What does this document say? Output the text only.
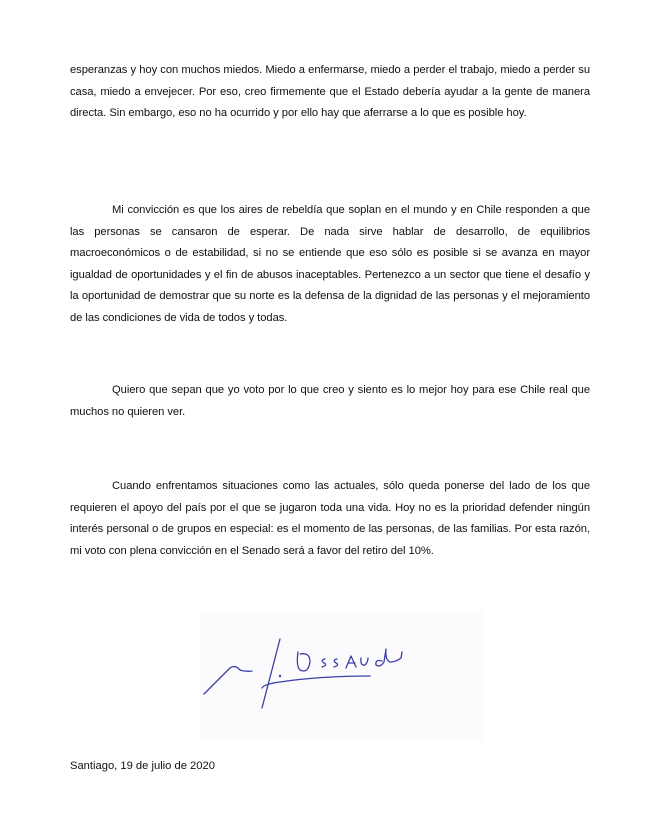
esperanzas y hoy con muchos miedos. Miedo a enfermarse, miedo a perder el trabajo, miedo a perder su casa, miedo a envejecer. Por eso, creo firmemente que el Estado debería ayudar a la gente de manera directa. Sin embargo, eso no ha ocurrido y por ello hay que aferrarse a lo que es posible hoy.

Mi convicción es que los aires de rebeldía que soplan en el mundo y en Chile responden a que las personas se cansaron de esperar. De nada sirve hablar de desarrollo, de equilibrios macroeconómicos o de estabilidad, si no se entiende que eso sólo es posible si se avanza en mayor igualdad de oportunidades y el fin de abusos inaceptables. Pertenezco a un sector que tiene el desafío y la oportunidad de demostrar que su norte es la defensa de la dignidad de las personas y el mejoramiento de las condiciones de vida de todos y todas.

Quiero que sepan que yo voto por lo que creo y siento es lo mejor hoy para ese Chile real que muchos no quieren ver.

Cuando enfrentamos situaciones como las actuales, sólo queda ponerse del lado de los que requieren el apoyo del país por el que se jugaron toda una vida. Hoy no es la prioridad defender ningún interés personal o de grupos en especial: es el momento de las personas, de las familias. Por esta razón, mi voto con plena convicción en el Senado será a favor del retiro del 10%.

Santiago, 19 de julio de 2020
